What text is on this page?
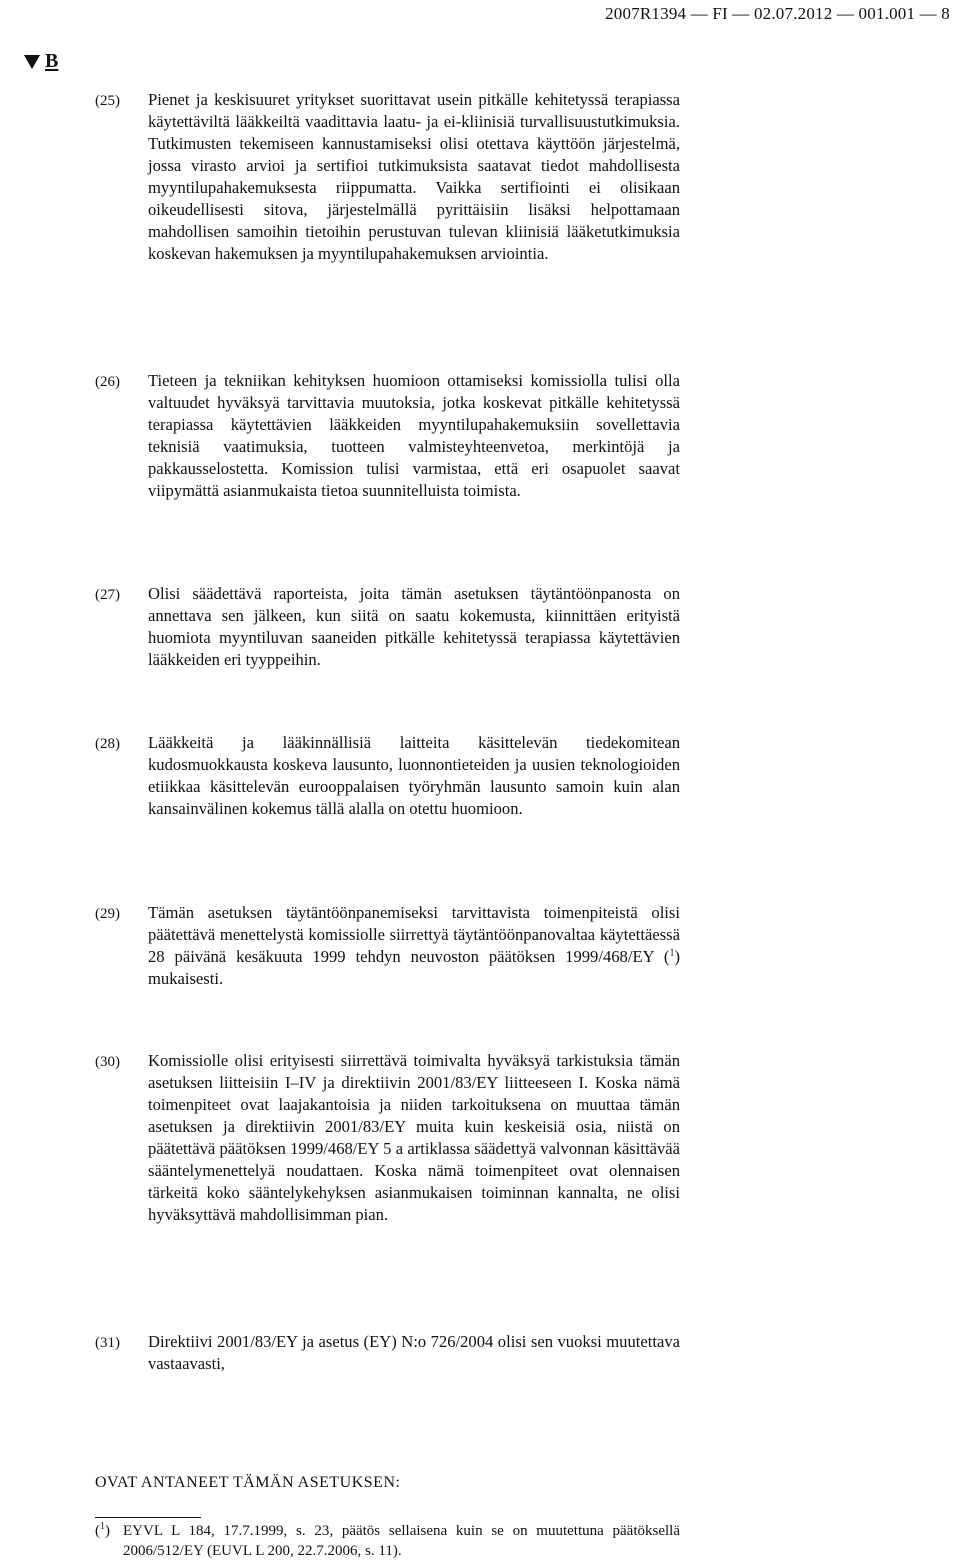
2007R1394 — FI — 02.07.2012 — 001.001 — 8
B
(25)	Pienet ja keskisuuret yritykset suorittavat usein pitkälle kehitetyssä terapiassa käytettäviltä lääkkeiltä vaadittavia laatu- ja ei-kliinisiä turvallisuustutkimuksia. Tutkimusten tekemiseen kannustamiseksi olisi otettava käyttöön järjestelmä, jossa virasto arvioi ja sertifioi tutkimuksista saatavat tiedot mahdollisesta myyntilupahakemuksesta riippumatta. Vaikka sertifiointi ei olisikaan oikeudellisesti sitova, järjestelmällä pyrittäisiin lisäksi helpottamaan mahdollisen samoihin tietoihin perustuvan tulevan kliinisiä lääketutkimuksia koskevan hakemuksen ja myyntilupahakemuksen arviointia.
(26)	Tieteen ja tekniikan kehityksen huomioon ottamiseksi komissiolla tulisi olla valtuudet hyväksyä tarvittavia muutoksia, jotka koskevat pitkälle kehitetyssä terapiassa käytettävien lääkkeiden myyntilupahakemuksiin sovellettavia teknisiä vaatimuksia, tuotteen valmisteyhteenvetoa, merkintöjä ja pakkausselostetta. Komission tulisi varmistaa, että eri osapuolet saavat viipymättä asianmukaista tietoa suunnitelluista toimista.
(27)	Olisi säädettävä raporteista, joita tämän asetuksen täytäntöönpanosta on annettava sen jälkeen, kun siitä on saatu kokemusta, kiinnittäen erityistä huomiota myyntiluvan saaneiden pitkälle kehitetyssä terapiassa käytettävien lääkkeiden eri tyyppeihin.
(28)	Lääkkeitä ja lääkinnällisiä laitteita käsittelevän tiedekomitean kudosmuokkausta koskeva lausunto, luonnontieteiden ja uusien teknologioiden etiikkaa käsittelevän eurooppalaisen työryhmän lausunto samoin kuin alan kansainvälinen kokemus tällä alalla on otettu huomioon.
(29)	Tämän asetuksen täytäntöönpanemiseksi tarvittavista toimenpiteistä olisi päätettävä menettelystä komissiolle siirrettyä täytäntöönpanovaltaa käytettäessä 28 päivänä kesäkuuta 1999 tehdyn neuvoston päätöksen 1999/468/EY ($^1$) mukaisesti.
(30)	Komissiolle olisi erityisesti siirrettävä toimivalta hyväksyä tarkistuksia tämän asetuksen liitteisiin I–IV ja direktiivin 2001/83/EY liitteeseen I. Koska nämä toimenpiteet ovat laajakantoisia ja niiden tarkoituksena on muuttaa tämän asetuksen ja direktiivin 2001/83/EY muita kuin keskeisiä osia, niistä on päätettävä päätöksen 1999/468/EY 5 a artiklassa säädettyä valvonnan käsittävää sääntelymenettelyä noudattaen. Koska nämä toimenpiteet ovat olennaisen tärkeitä koko sääntelykehyksen asianmukaisen toiminnan kannalta, ne olisi hyväksyttävä mahdollisimman pian.
(31)	Direktiivi 2001/83/EY ja asetus (EY) N:o 726/2004 olisi sen vuoksi muutettava vastaavasti,
OVAT ANTANEET TÄMÄN ASETUKSEN:
($^1$) EYVL L 184, 17.7.1999, s. 23, päätös sellaisena kuin se on muutettuna päätöksellä 2006/512/EY (EUVL L 200, 22.7.2006, s. 11).
